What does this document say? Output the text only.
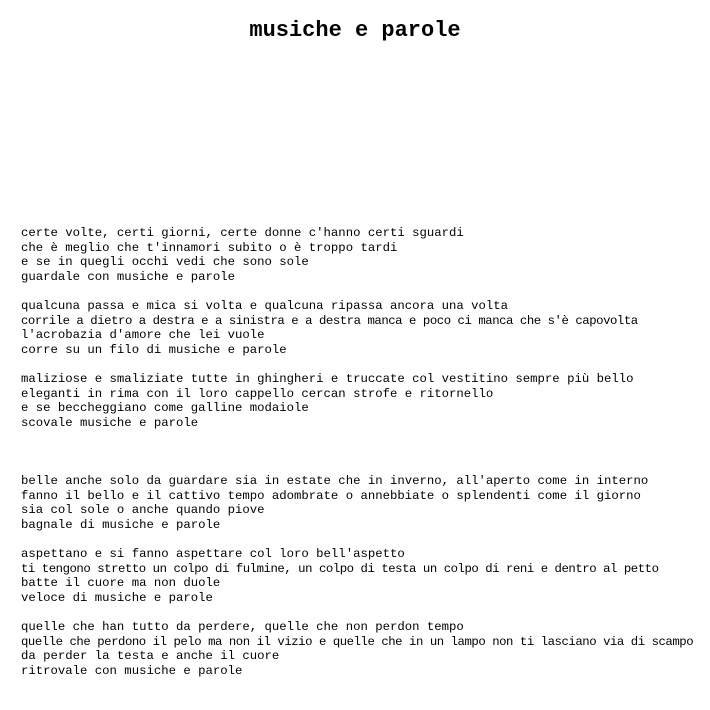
musiche e parole
certe volte, certi giorni, certe donne c'hanno certi sguardi
che è meglio che t'innamori subito o è troppo tardi
e se in quegli occhi vedi che sono sole
guardale con musiche e parole
qualcuna passa e mica si volta e qualcuna ripassa ancora una volta
corrile a dietro a destra e a sinistra e a destra manca e poco ci manca che s'è capovolta
l'acrobazia d'amore che lei vuole
corre su un filo di musiche e parole
maliziose e smaliziate tutte in ghingheri e truccate col vestitino sempre più bello
eleganti in rima con il loro cappello cercan strofe e ritornello
e se beccheggiano come galline modaiole
scovale musiche e parole
belle anche solo da guardare sia in estate che in inverno, all'aperto come in interno
fanno il bello e il cattivo tempo adombrate o annebbiate o splendenti come il giorno
sia col sole o anche quando piove
bagnale di musiche e parole
aspettano e si fanno aspettare col loro bell'aspetto
ti tengono stretto un colpo di fulmine, un colpo di testa un colpo di reni e dentro al petto
batte il cuore ma non duole
veloce di musiche e parole
quelle che han tutto da perdere, quelle che non perdon tempo
quelle che perdono il pelo ma non il vizio e quelle che in un lampo non ti lasciano via di scampo
da perder la testa e anche il cuore
ritrovale con musiche e parole
